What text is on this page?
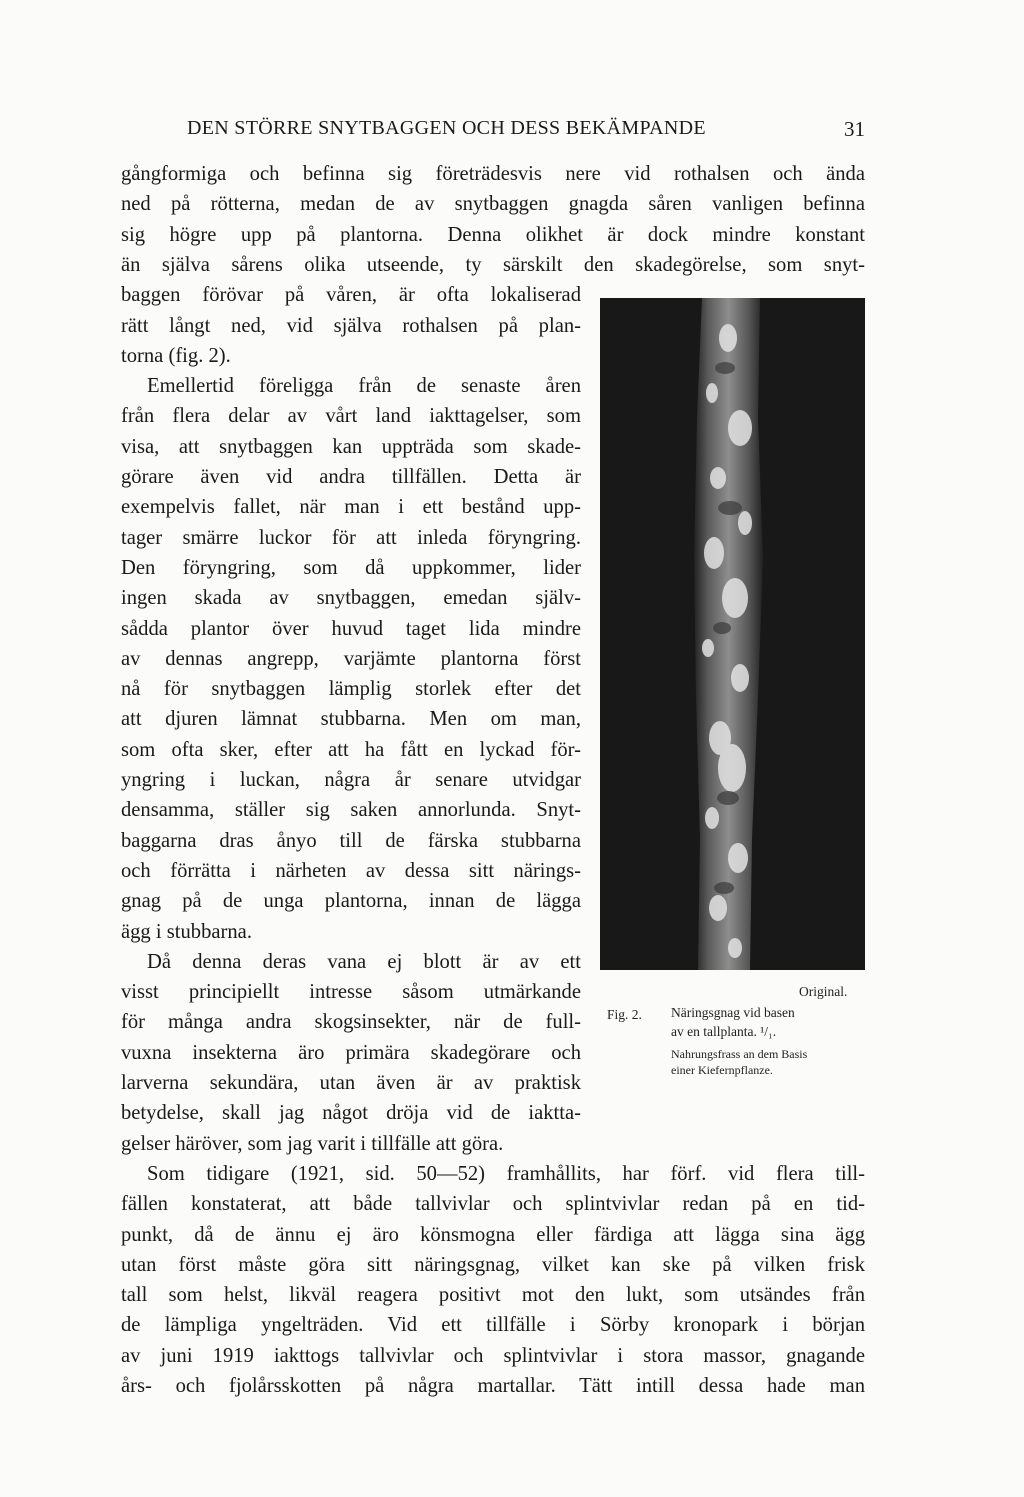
DEN STÖRRE SNYTBAGGEN OCH DESS BEKÄMPANDE	31
gångformiga och befinna sig företrädesvis nere vid rothalsen och ända
ned på rötterna, medan de av snytbaggen gnagda såren vanligen befinna
sig högre upp på plantorna. Denna olikhet är dock mindre konstant
än själva sårens olika utseende, ty särskilt den skadegörelse, som snyt-
baggen förövar på våren, är ofta lokaliserad
rätt långt ned, vid själva rothalsen på plan-
torna (fig. 2).
Emellertid föreligga från de senaste åren
från flera delar av vårt land iakttagelser, som
visa, att snytbaggen kan uppträda som skade-
görare även vid andra tillfällen. Detta är
exempelvis fallet, när man i ett bestånd upp-
tager smärre luckor för att inleda föryngring.
Den föryngring, som då uppkommer, lider
ingen skada av snytbaggen, emedan själv-
sådda plantor över huvud taget lida mindre
av dennas angrepp, varjämte plantorna först
nå för snytbaggen lämplig storlek efter det
att djuren lämnat stubbarna. Men om man,
som ofta sker, efter att ha fått en lyckad för-
yngring i luckan, några år senare utvidgar
densamma, ställer sig saken annorlunda. Snyt-
baggarna dras ånyo till de färska stubbarna
och förrätta i närheten av dessa sitt närings-
gnag på de unga plantorna, innan de lägga
ägg i stubbarna.
Då denna deras vana ej blott är av ett
visst principiellt intresse såsom utmärkande
för många andra skogsinsekter, när de full-
vuxna insekterna äro primära skadegörare och
larverna sekundära, utan även är av praktisk
betydelse, skall jag något dröja vid de iaktta-
gelser häröver, som jag varit i tillfälle att göra.
Som tidigare (1921, sid. 50—52) framhållits, har förf. vid flera till-
fällen konstaterat, att både tallvivlar och splintvivlar redan på en tid-
punkt, då de ännu ej äro könsmogna eller färdiga att lägga sina ägg
utan först måste göra sitt näringsgnag, vilket kan ske på vilken frisk
tall som helst, likväl reagera positivt mot den lukt, som utsändes från
de lämpliga yngelträden. Vid ett tillfälle i Sörby kronopark i början
av juni 1919 iakttogs tallvivlar och splintvivlar i stora massor, gnagande
års- och fjolårsskotten på några martallar. Tätt intill dessa hade man
Original.
Fig. 2. Näringsgnag vid basen
av en tallplanta. ¹/₁.
Nahrungsfrass an dem Basis
einer Kiefernpflanze.
